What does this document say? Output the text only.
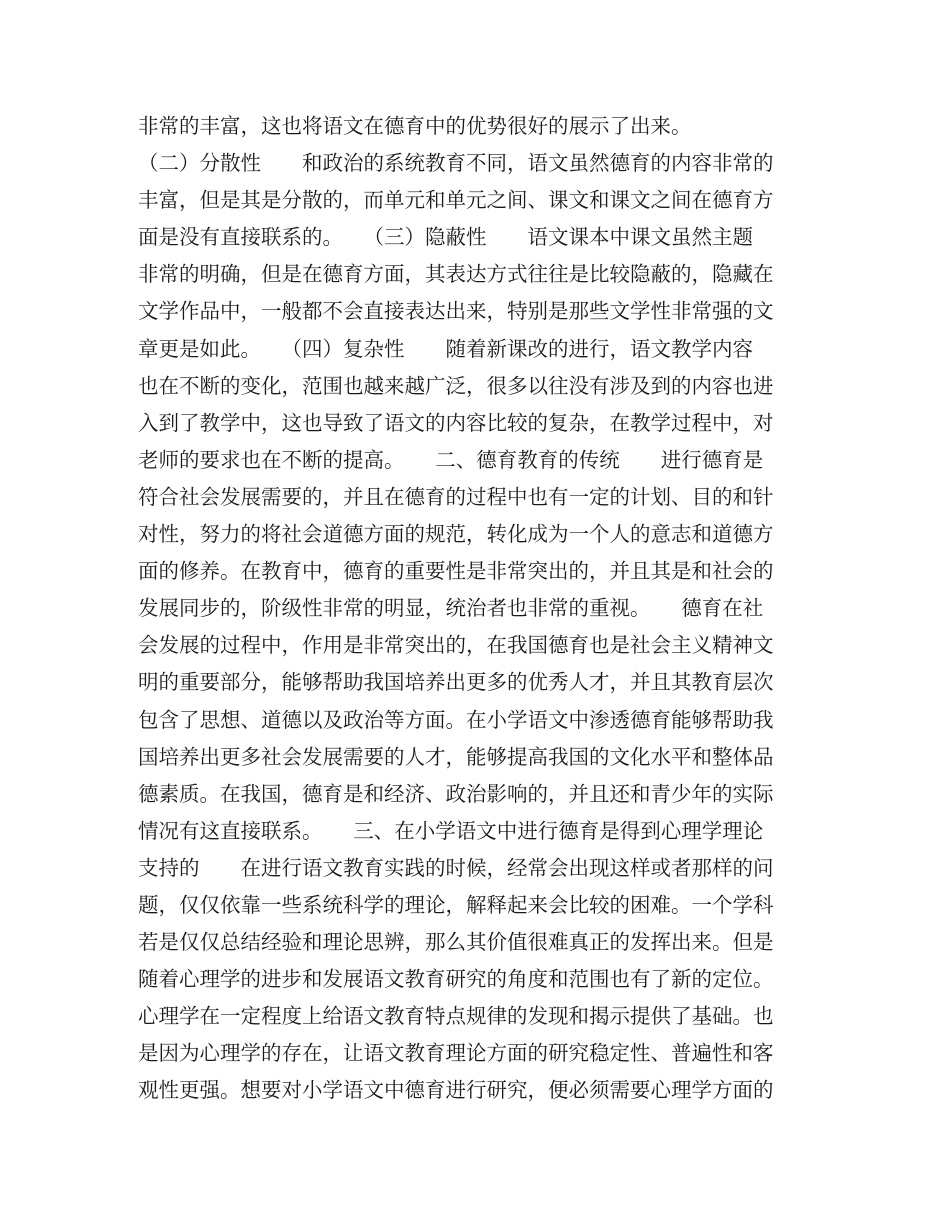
非常的丰富，这也将语文在德育中的优势很好的展示了出来。
（二）分散性　　和政治的系统教育不同，语文虽然德育的内容非常的
丰富，但是其是分散的，而单元和单元之间、课文和课文之间在德育方
面是没有直接联系的。　　（三）隐蔽性　　语文课本中课文虽然主题
非常的明确，但是在德育方面，其表达方式往往是比较隐蔽的，隐藏在
文学作品中，一般都不会直接表达出来，特别是那些文学性非常强的文
章更是如此。　　（四）复杂性　　随着新课改的进行，语文教学内容
也在不断的变化，范围也越来越广泛，很多以往没有涉及到的内容也进
入到了教学中，这也导致了语文的内容比较的复杂，在教学过程中，对
老师的要求也在不断的提高。　　二、德育教育的传统　　进行德育是
符合社会发展需要的，并且在德育的过程中也有一定的计划、目的和针
对性，努力的将社会道德方面的规范，转化成为一个人的意志和道德方
面的修养。在教育中，德育的重要性是非常突出的，并且其是和社会的
发展同步的，阶级性非常的明显，统治者也非常的重视。　　德育在社
会发展的过程中，作用是非常突出的，在我国德育也是社会主义精神文
明的重要部分，能够帮助我国培养出更多的优秀人才，并且其教育层次
包含了思想、道德以及政治等方面。在小学语文中渗透德育能够帮助我
国培养出更多社会发展需要的人才，能够提高我国的文化水平和整体品
德素质。在我国，德育是和经济、政治影响的，并且还和青少年的实际
情况有这直接联系。　　三、在小学语文中进行德育是得到心理学理论
支持的　　在进行语文教育实践的时候，经常会出现这样或者那样的问
题，仅仅依靠一些系统科学的理论，解释起来会比较的困难。一个学科
若是仅仅总结经验和理论思辨，那么其价值很难真正的发挥出来。但是
随着心理学的进步和发展语文教育研究的角度和范围也有了新的定位。
心理学在一定程度上给语文教育特点规律的发现和揭示提供了基础。也
是因为心理学的存在，让语文教育理论方面的研究稳定性、普遍性和客
观性更强。想要对小学语文中德育进行研究，便必须需要心理学方面的
